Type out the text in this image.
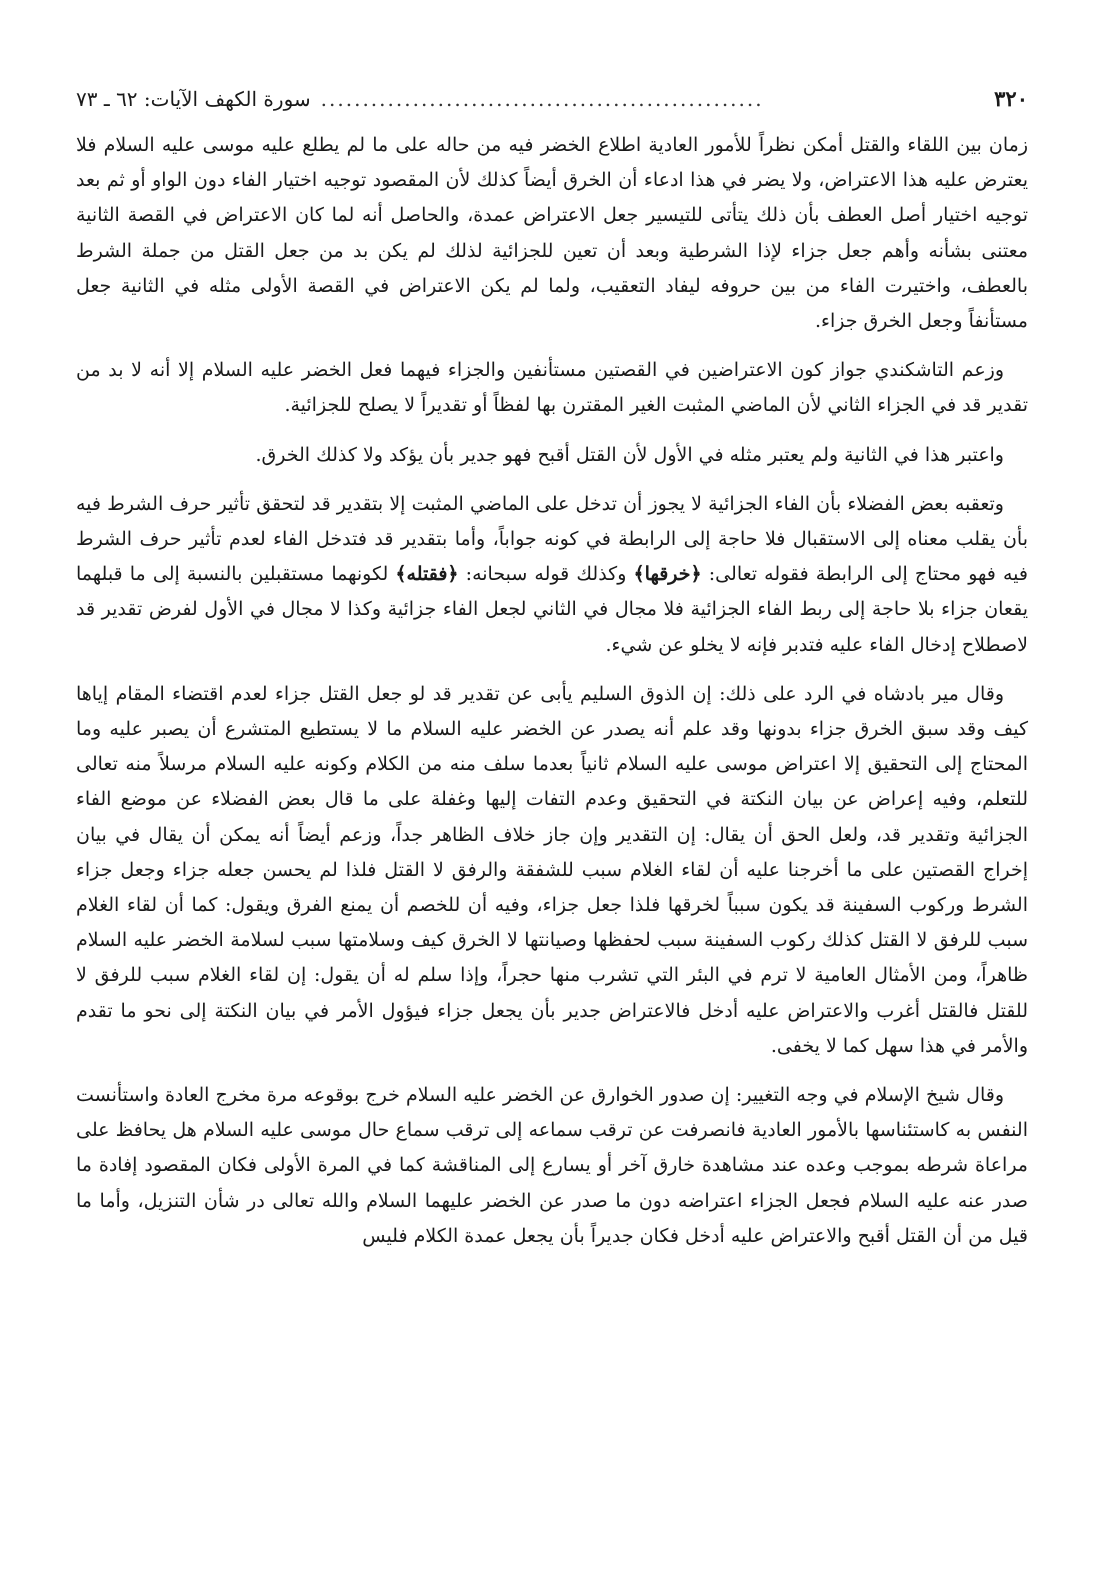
٣٢٠
.....................................................
سورة الكهف الآيات: ٦٢ ـ ٧٣

زمان بين اللقاء والقتل أمكن نظراً للأمور العادية اطلاع الخضر فيه من حاله على ما لم يطلع عليه موسى عليه السلام فلا يعترض عليه هذا الاعتراض، ولا يضر في هذا ادعاء أن الخرق أيضاً كذلك لأن المقصود توجيه اختيار الفاء دون الواو أو ثم بعد توجيه اختيار أصل العطف بأن ذلك يتأتى للتيسير جعل الاعتراض عمدة، والحاصل أنه لما كان الاعتراض في القصة الثانية معتنى بشأنه وأهم جعل جزاء لإذا الشرطية وبعد أن تعين للجزائية لذلك لم يكن بد من جعل القتل من جملة الشرط بالعطف، واختيرت الفاء من بين حروفه ليفاد التعقيب، ولما لم يكن الاعتراض في القصة الأولى مثله في الثانية جعل مستأنفاً وجعل الخرق جزاء.

وزعم التاشكندي جواز كون الاعتراضين في القصتين مستأنفين والجزاء فيهما فعل الخضر عليه السلام إلا أنه لا بد من تقدير قد في الجزاء الثاني لأن الماضي المثبت الغير المقترن بها لفظاً أو تقديراً لا يصلح للجزائية.

واعتبر هذا في الثانية ولم يعتبر مثله في الأول لأن القتل أقبح فهو جدير بأن يؤكد ولا كذلك الخرق.

وتعقبه بعض الفضلاء بأن الفاء الجزائية لا يجوز أن تدخل على الماضي المثبت إلا بتقدير قد لتحقق تأثير حرف الشرط فيه بأن يقلب معناه إلى الاستقبال فلا حاجة إلى الرابطة في كونه جواباً، وأما بتقدير قد فتدخل الفاء لعدم تأثير حرف الشرط فيه فهو محتاج إلى الرابطة فقوله تعالى: ﴿خرقها﴾ وكذلك قوله سبحانه: ﴿فقتله﴾ لكونهما مستقبلين بالنسبة إلى ما قبلهما يقعان جزاء بلا حاجة إلى ربط الفاء الجزائية فلا مجال في الثاني لجعل الفاء جزائية وكذا لا مجال في الأول لفرض تقدير قد لاصطلاح إدخال الفاء عليه فتدبر فإنه لا يخلو عن شيء.

وقال مير بادشاه في الرد على ذلك: إن الذوق السليم يأبى عن تقدير قد لو جعل القتل جزاء لعدم اقتضاء المقام إياها كيف وقد سبق الخرق جزاء بدونها وقد علم أنه يصدر عن الخضر عليه السلام ما لا يستطيع المتشرع أن يصبر عليه وما المحتاج إلى التحقيق إلا اعتراض موسى عليه السلام ثانياً بعدما سلف منه من الكلام وكونه عليه السلام مرسلاً منه تعالى للتعلم، وفيه إعراض عن بيان النكتة في التحقيق وعدم التفات إليها وغفلة على ما قال بعض الفضلاء عن موضع الفاء الجزائية وتقدير قد، ولعل الحق أن يقال: إن التقدير وإن جاز خلاف الظاهر جداً، وزعم أيضاً أنه يمكن أن يقال في بيان إخراج القصتين على ما أخرجنا عليه أن لقاء الغلام سبب للشفقة والرفق لا القتل فلذا لم يحسن جعله جزاء وجعل جزاء الشرط وركوب السفينة قد يكون سبباً لخرقها فلذا جعل جزاء، وفيه أن للخصم أن يمنع الفرق ويقول: كما أن لقاء الغلام سبب للرفق لا القتل كذلك ركوب السفينة سبب لحفظها وصيانتها لا الخرق كيف وسلامتها سبب لسلامة الخضر عليه السلام ظاهراً، ومن الأمثال العامية لا ترم في البئر التي تشرب منها حجراً، وإذا سلم له أن يقول: إن لقاء الغلام سبب للرفق لا للقتل فالقتل أغرب والاعتراض عليه أدخل فالاعتراض جدير بأن يجعل جزاء فيؤول الأمر في بيان النكتة إلى نحو ما تقدم والأمر في هذا سهل كما لا يخفى.

وقال شيخ الإسلام في وجه التغيير: إن صدور الخوارق عن الخضر عليه السلام خرج بوقوعه مرة مخرج العادة واستأنست النفس به كاستئناسها بالأمور العادية فانصرفت عن ترقب سماعه إلى ترقب سماع حال موسى عليه السلام هل يحافظ على مراعاة شرطه بموجب وعده عند مشاهدة خارق آخر أو يسارع إلى المناقشة كما في المرة الأولى فكان المقصود إفادة ما صدر عنه عليه السلام فجعل الجزاء اعتراضه دون ما صدر عن الخضر عليهما السلام والله تعالى در شأن التنزيل، وأما ما قيل من أن القتل أقبح والاعتراض عليه أدخل فكان جديراً بأن يجعل عمدة الكلام فليس
